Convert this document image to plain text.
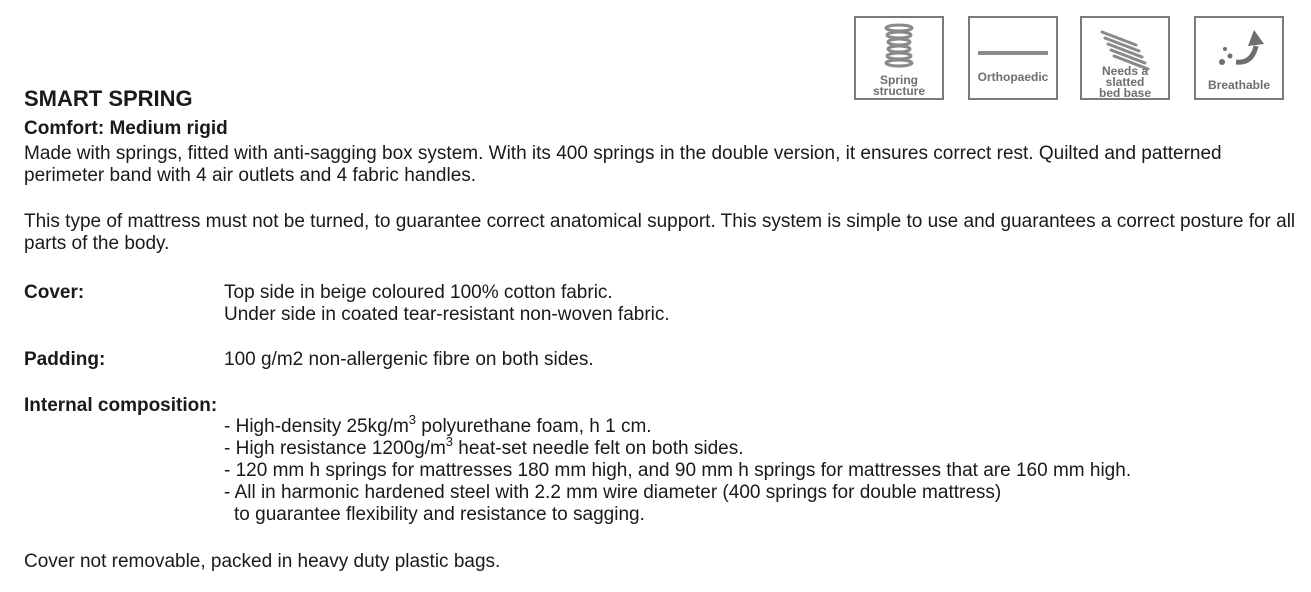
Spring
structure
Orthopaedic	Needs a
slatted
bed base
Breathable
SMART SPRING
Comfort: Medium rigid
Made with springs, fitted with anti-sagging box system. With its 400 springs in the double version, it ensures correct rest. Quilted and patterned perimeter band with 4 air outlets and 4 fabric handles.
This type of mattress must not be turned, to guarantee correct anatomical support. This system is simple to use and guarantees a correct posture for all parts of the body.
Cover:	Top side in beige coloured 100% cotton fabric.
Under side in coated tear-resistant non-woven fabric.
Padding:	100 g/m2 non-allergenic fibre on both sides.
Internal composition:
- High-density $25kg/m^3$ polyurethane foam, h 1 cm.
- High resistance $1200g/m^3$ heat-set needle felt on both sides.
- 120 mm h springs for mattresses 180 mm high, and 90 mm h springs for mattresses that are 160 mm high.
- All in harmonic hardened steel with 2.2 mm wire diameter (400 springs for double mattress)
to guarantee flexibility and resistance to sagging.
Cover not removable, packed in heavy duty plastic bags.
